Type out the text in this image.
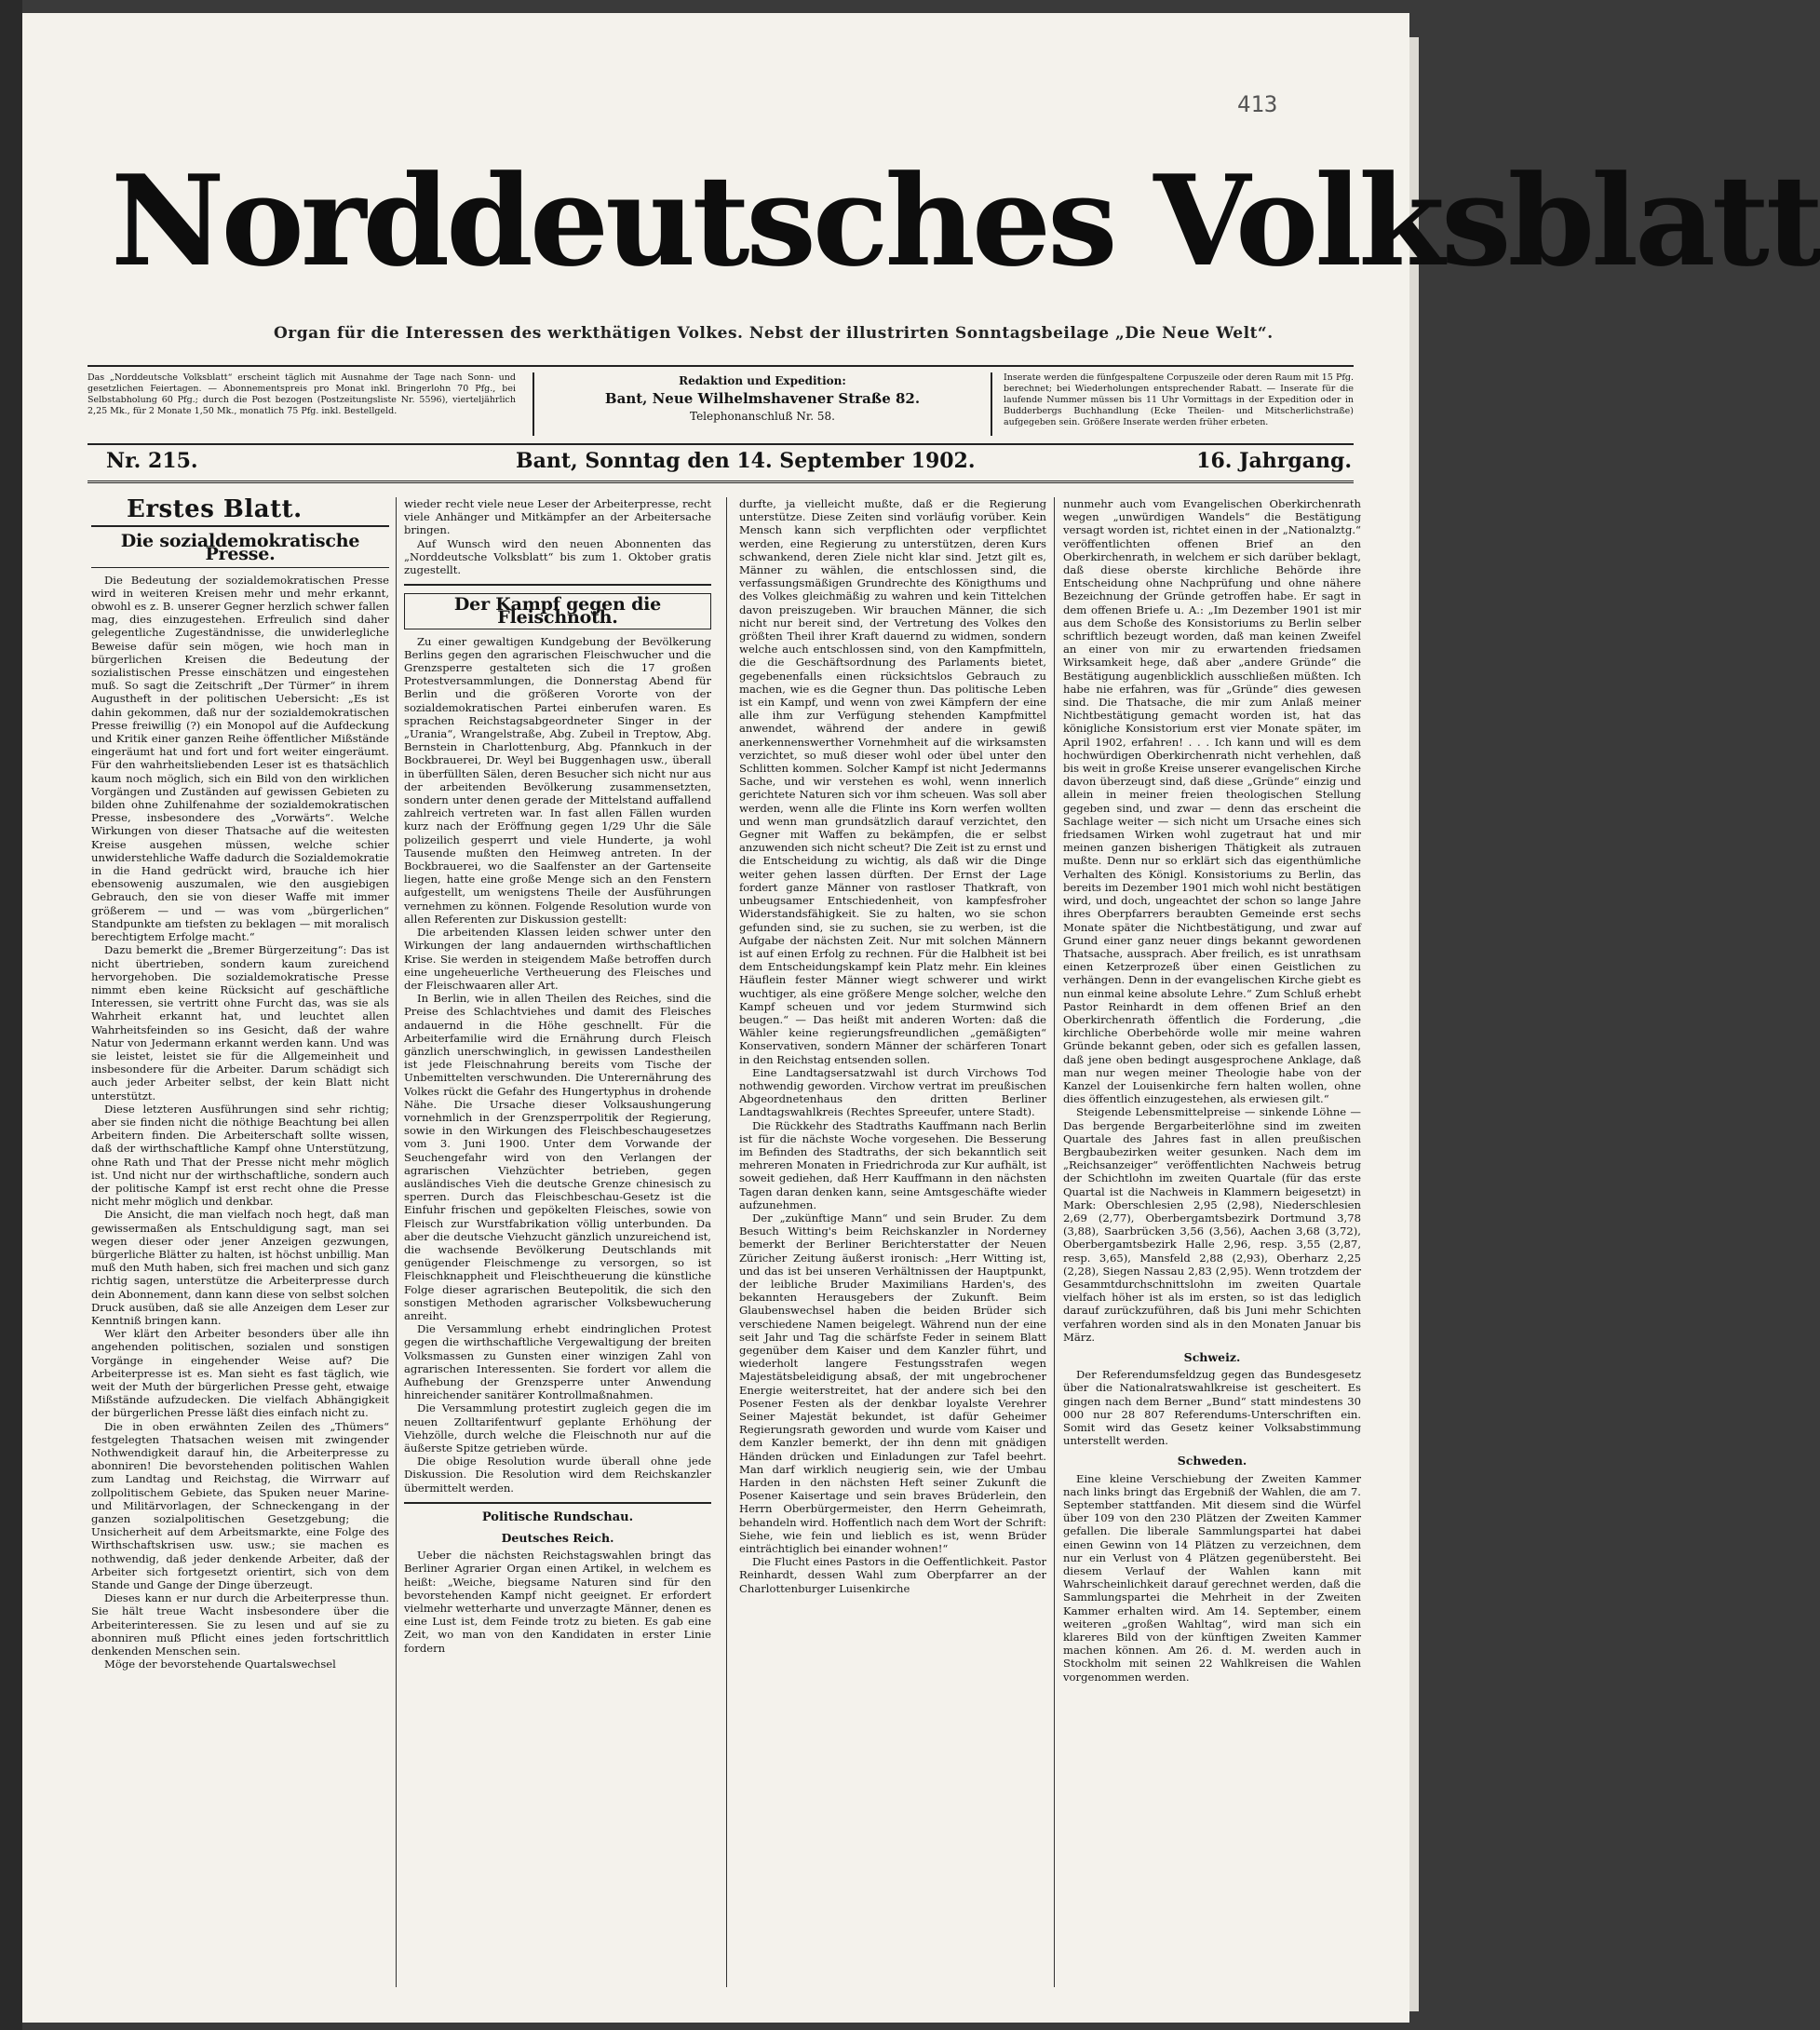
413
Norddeutsches Volksblatt
Organ für die Interessen des werkthätigen Volkes. Nebst der illustrirten Sonntagsbeilage „Die Neue Welt“.
Das „Norddeutsche Volksblatt“ erscheint täglich mit Ausnahme der Tage nach Sonn- und gesetzlichen Feiertagen. — Abonnementspreis pro Monat inkl. Bringerlohn 70 Pfg., bei Selbstabholung 60 Pfg.; durch die Post bezogen (Postzeitungsliste Nr. 5596), vierteljährlich 2,25 Mk., für 2 Monate 1,50 Mk., monatlich 75 Pfg. inkl. Bestellgeld.
Redaktion und Expedition:
Bant, Neue Wilhelmshavener Straße 82.
Telephonanschluß Nr. 58.
Inserate werden die fünfgespaltene Corpuszeile oder deren Raum mit 15 Pfg. berechnet; bei Wiederholungen entsprechender Rabatt. — Inserate für die laufende Nummer müssen bis 11 Uhr Vormittags in der Expedition oder in Budderbergs Buchhandlung (Ecke Theilen- und Mitscherlichstraße) aufgegeben sein. Größere Inserate werden früher erbeten.
Nr. 215.	Bant, Sonntag den 14. September 1902.	16. Jahrgang.
Erstes Blatt.
Die sozialdemokratische Presse.

Die Bedeutung der sozialdemokratischen Presse wird in weiteren Kreisen mehr und mehr erkannt, obwohl es z. B. unserer Gegner herzlich schwer fallen mag, dies einzugestehen. Erfreulich sind daher gelegentliche Zugeständnisse, die unwiderlegliche Beweise dafür sein mögen, wie hoch man in bürgerlichen Kreisen die Bedeutung der sozialistischen Presse einschätzen und eingestehen muß. So sagt die Zeitschrift „Der Türmer“ in ihrem Augustheft in der politischen Uebersicht: „Es ist dahin gekommen, daß nur der sozialdemokratischen Presse freiwillig (?) ein Monopol auf die Aufdeckung und Kritik einer ganzen Reihe öffentlicher Mißstände eingeräumt hat und fort und fort weiter eingeräumt. Für den wahrheitsliebenden Leser ist es thatsächlich kaum noch möglich, sich ein Bild von den wirklichen Vorgängen und Zuständen auf gewissen Gebieten zu bilden ohne Zuhilfenahme der sozialdemokratischen Presse, insbesondere des „Vorwärts“. Welche Wirkungen von dieser Thatsache auf die weitesten Kreise ausgehen müssen, welche schier unwiderstehliche Waffe dadurch die Sozialdemokratie in die Hand gedrückt wird, brauche ich hier ebensowenig auszumalen, wie den ausgiebigen Gebrauch, den sie von dieser Waffe mit immer größerem — und — was vom „bürgerlichen“ Standpunkte am tiefsten zu beklagen — mit moralisch berechtigtem Erfolge macht.“

Dazu bemerkt die „Bremer Bürgerzeitung“: Das ist nicht übertrieben, sondern kaum zureichend hervorgehoben. Die sozialdemokratische Presse nimmt eben keine Rücksicht auf geschäftliche Interessen, sie vertritt ohne Furcht das, was sie als Wahrheit erkannt hat, und leuchtet allen Wahrheitsfeinden so ins Gesicht, daß der wahre Natur von Jedermann erkannt werden kann. Und was sie leistet, leistet sie für die Allgemeinheit und insbesondere für die Arbeiter. Darum schädigt sich auch jeder Arbeiter selbst, der kein Blatt nicht unterstützt.

Diese letzteren Ausführungen sind sehr richtig; aber sie finden nicht die nöthige Beachtung bei allen Arbeitern finden. Die Arbeiterschaft sollte wissen, daß der wirthschaftliche Kampf ohne Unterstützung, ohne Rath und That der Presse nicht mehr möglich ist. Und nicht nur der wirthschaftliche, sondern auch der politische Kampf ist erst recht ohne die Presse nicht mehr möglich und denkbar.

Die Ansicht, die man vielfach noch hegt, daß man gewissermaßen als Entschuldigung sagt, man sei wegen dieser oder jener Anzeigen gezwungen, bürgerliche Blätter zu halten, ist höchst unbillig. Man muß den Muth haben, sich frei machen und sich ganz richtig sagen, unterstütze die Arbeiterpresse durch dein Abonnement, dann kann diese von selbst solchen Druck ausüben, daß sie alle Anzeigen dem Leser zur Kenntniß bringen kann.

Wer klärt den Arbeiter besonders über alle ihn angehenden politischen, sozialen und sonstigen Vorgänge in eingehender Weise auf? Die Arbeiterpresse ist es. Man sieht es fast täglich, wie weit der Muth der bürgerlichen Presse geht, etwaige Mißstände aufzudecken. Die vielfach Abhängigkeit der bürgerlichen Presse läßt dies einfach nicht zu.

Die in oben erwähnten Zeilen des „Thümers“ festgelegten Thatsachen weisen mit zwingender Nothwendigkeit darauf hin, die Arbeiterpresse zu abonniren! Die bevorstehenden politischen Wahlen zum Landtag und Reichstag, die Wirrwarr auf zollpolitischem Gebiete, das Spuken neuer Marine- und Militärvorlagen, der Schneckengang in der ganzen sozialpolitischen Gesetzgebung; die Unsicherheit auf dem Arbeitsmarkte, eine Folge des Wirthschaftskrisen usw. usw.; sie machen es nothwendig, daß jeder denkende Arbeiter, daß der Arbeiter sich fortgesetzt orientirt, sich von dem Stande und Gange der Dinge überzeugt.

Dieses kann er nur durch die Arbeiterpresse thun. Sie hält treue Wacht insbesondere über die Arbeiterinteressen. Sie zu lesen und auf sie zu abonniren muß Pflicht eines jeden fortschrittlich denkenden Menschen sein.

Möge der bevorstehende Quartalswechsel

wieder recht viele neue Leser der Arbeiterpresse, recht viele Anhänger und Mitkämpfer an der Arbeitersache bringen.

Auf Wunsch wird den neuen Abonnenten das „Norddeutsche Volksblatt“ bis zum 1. Oktober gratis zugestellt.

Der Kampf gegen die Fleischnoth.

Zu einer gewaltigen Kundgebung der Bevölkerung Berlins gegen den agrarischen Fleischwucher und die Grenzsperre gestalteten sich die 17 großen Protestversammlungen, die Donnerstag Abend für Berlin und die größeren Vororte von der sozialdemokratischen Partei einberufen waren. Es sprachen Reichstagsabgeordneter Singer in der „Urania“, Wrangelstraße, Abg. Zubeil in Treptow, Abg. Bernstein in Charlottenburg, Abg. Pfannkuch in der Bockbrauerei, Dr. Weyl bei Buggenhagen usw., überall in überfüllten Sälen, deren Besucher sich nicht nur aus der arbeitenden Bevölkerung zusammensetzten, sondern unter denen gerade der Mittelstand auffallend zahlreich vertreten war. In fast allen Fällen wurden kurz nach der Eröffnung gegen 1/29 Uhr die Säle polizeilich gesperrt und viele Hunderte, ja wohl Tausende mußten den Heimweg antreten. In der Bockbrauerei, wo die Saalfenster an der Gartenseite liegen, hatte eine große Menge sich an den Fenstern aufgestellt, um wenigstens Theile der Ausführungen vernehmen zu können. Folgende Resolution wurde von allen Referenten zur Diskussion gestellt:

Die arbeitenden Klassen leiden schwer unter den Wirkungen der lang andauernden wirthschaftlichen Krise. Sie werden in steigendem Maße betroffen durch eine ungeheuerliche Vertheuerung des Fleisches und der Fleischwaaren aller Art.

In Berlin, wie in allen Theilen des Reiches, sind die Preise des Schlachtviehes und damit des Fleisches andauernd in die Höhe geschnellt. Für die Arbeiterfamilie wird die Ernährung durch Fleisch gänzlich unerschwinglich, in gewissen Landestheilen ist jede Fleischnahrung bereits vom Tische der Unbemittelten verschwunden. Die Unterernährung des Volkes rückt die Gefahr des Hungertyphus in drohende Nähe. Die Ursache dieser Volksaushungerung vornehmlich in der Grenzsperrpolitik der Regierung, sowie in den Wirkungen des Fleischbeschaugesetzes vom 3. Juni 1900. Unter dem Vorwande der Seuchengefahr wird von den Verlangen der agrarischen Viehzüchter betrieben, gegen ausländisches Vieh die deutsche Grenze chinesisch zu sperren. Durch das Fleischbeschau-Gesetz ist die Einfuhr frischen und gepökelten Fleisches, sowie von Fleisch zur Wurstfabrikation völlig unterbunden. Da aber die deutsche Viehzucht gänzlich unzureichend ist, die wachsende Bevölkerung Deutschlands mit genügender Fleischmenge zu versorgen, so ist Fleischknappheit und Fleischtheuerung die künstliche Folge dieser agrarischen Beutepolitik, die sich den sonstigen Methoden agrarischer Volksbewucherung anreiht.

Die Versammlung erhebt eindringlichen Protest gegen die wirthschaftliche Vergewaltigung der breiten Volksmassen zu Gunsten einer winzigen Zahl von agrarischen Interessenten. Sie fordert vor allem die Aufhebung der Grenzsperre unter Anwendung hinreichender sanitärer Kontrollmaßnahmen.

Die Versammlung protestirt zugleich gegen die im neuen Zolltarifentwurf geplante Erhöhung der Viehzölle, durch welche die Fleischnoth nur auf die äußerste Spitze getrieben würde.

Die obige Resolution wurde überall ohne jede Diskussion. Die Resolution wird dem Reichskanzler übermittelt werden.

Politische Rundschau.
Deutsches Reich.

Ueber die nächsten Reichstagswahlen bringt das Berliner Agrarier Organ einen Artikel, in welchem es heißt: „Weiche, biegsame Naturen sind für den bevorstehenden Kampf nicht geeignet. Er erfordert vielmehr wetterharte und unverzagte Männer, denen es eine Lust ist, dem Feinde trotz zu bieten. Es gab eine Zeit, wo man von den Kandidaten in erster Linie fordern

durfte, ja vielleicht mußte, daß er die Regierung unterstütze. Diese Zeiten sind vorläufig vorüber. Kein Mensch kann sich verpflichten oder verpflichtet werden, eine Regierung zu unterstützen, deren Kurs schwankend, deren Ziele nicht klar sind. Jetzt gilt es, Männer zu wählen, die entschlossen sind, die verfassungsmäßigen Grundrechte des Königthums und des Volkes gleichmäßig zu wahren und kein Tittelchen davon preiszugeben. Wir brauchen Männer, die sich nicht nur bereit sind, der Vertretung des Volkes den größten Theil ihrer Kraft dauernd zu widmen, sondern welche auch entschlossen sind, von den Kampfmitteln, die die Geschäftsordnung des Parlaments bietet, gegebenenfalls einen rücksichtslos Gebrauch zu machen, wie es die Gegner thun. Das politische Leben ist ein Kampf, und wenn von zwei Kämpfern der eine alle ihm zur Verfügung stehenden Kampfmittel anwendet, während der andere in gewiß anerkennenswerther Vornehmheit auf die wirksamsten verzichtet, so muß dieser wohl oder übel unter den Schlitten kommen. Solcher Kampf ist nicht Jedermanns Sache, und wir verstehen es wohl, wenn innerlich gerichtete Naturen sich vor ihm scheuen. Was soll aber werden, wenn alle die Flinte ins Korn werfen wollten und wenn man grundsätzlich darauf verzichtet, den Gegner mit Waffen zu bekämpfen, die er selbst anzuwenden sich nicht scheut? Die Zeit ist zu ernst und die Entscheidung zu wichtig, als daß wir die Dinge weiter gehen lassen dürften. Der Ernst der Lage fordert ganze Männer von rastloser Thatkraft, von unbeugsamer Entschiedenheit, von kampfesfroher Widerstandsfähigkeit. Sie zu halten, wo sie schon gefunden sind, sie zu suchen, sie zu werben, ist die Aufgabe der nächsten Zeit. Nur mit solchen Männern ist auf einen Erfolg zu rechnen. Für die Halbheit ist bei dem Entscheidungskampf kein Platz mehr. Ein kleines Häuflein fester Männer wiegt schwerer und wirkt wuchtiger, als eine größere Menge solcher, welche den Kampf scheuen und vor jedem Sturmwind sich beugen.“ — Das heißt mit anderen Worten: daß die Wähler keine regierungsfreundlichen „gemäßigten“ Konservativen, sondern Männer der schärferen Tonart in den Reichstag entsenden sollen.

Eine Landtagsersatzwahl ist durch Virchows Tod nothwendig geworden. Virchow vertrat im preußischen Abgeordnetenhaus den dritten Berliner Landtagswahlkreis (Rechtes Spreeufer, untere Stadt).

Die Rückkehr des Stadtraths Kauffmann nach Berlin ist für die nächste Woche vorgesehen. Die Besserung im Befinden des Stadtraths, der sich bekanntlich seit mehreren Monaten in Friedrichroda zur Kur aufhält, ist soweit gediehen, daß Herr Kauffmann in den nächsten Tagen daran denken kann, seine Amtsgeschäfte wieder aufzunehmen.

Der „zukünftige Mann“ und sein Bruder. Zu dem Besuch Witting's beim Reichskanzler in Norderney bemerkt der Berliner Berichterstatter der Neuen Züricher Zeitung äußerst ironisch: „Herr Witting ist, und das ist bei unseren Verhältnissen der Hauptpunkt, der leibliche Bruder Maximilians Harden's, des bekannten Herausgebers der Zukunft. Beim Glaubenswechsel haben die beiden Brüder sich verschiedene Namen beigelegt. Während nun der eine seit Jahr und Tag die schärfste Feder in seinem Blatt gegenüber dem Kaiser und dem Kanzler führt, und wiederholt langere Festungsstrafen wegen Majestätsbeleidigung absaß, der mit ungebrochener Energie weiterstreitet, hat der andere sich bei den Posener Festen als der denkbar loyalste Verehrer Seiner Majestät bekundet, ist dafür Geheimer Regierungsrath geworden und wurde vom Kaiser und dem Kanzler bemerkt, der ihn denn mit gnädigen Händen drücken und Einladungen zur Tafel beehrt. Man darf wirklich neugierig sein, wie der Umbau Harden in den nächsten Heft seiner Zukunft die Posener Kaisertage und sein braves Brüderlein, den Herrn Oberbürgermeister, den Herrn Geheimrath, behandeln wird. Hoffentlich nach dem Wort der Schrift: Siehe, wie fein und lieblich es ist, wenn Brüder einträchtiglich bei einander wohnen!“

Die Flucht eines Pastors in die Oeffentlichkeit. Pastor Reinhardt, dessen Wahl zum Oberpfarrer an der Charlottenburger Luisenkirche

nunmehr auch vom Evangelischen Oberkirchenrath wegen „unwürdigen Wandels“ die Bestätigung versagt worden ist, richtet einen in der „Nationalztg.“ veröffentlichten offenen Brief an den Oberkirchenrath, in welchem er sich darüber beklagt, daß diese oberste kirchliche Behörde ihre Entscheidung ohne Nachprüfung und ohne nähere Bezeichnung der Gründe getroffen habe. Er sagt in dem offenen Briefe u. A.: „Im Dezember 1901 ist mir aus dem Schoße des Konsistoriums zu Berlin selber schriftlich bezeugt worden, daß man keinen Zweifel an einer von mir zu erwartenden friedsamen Wirksamkeit hege, daß aber „andere Gründe“ die Bestätigung augenblicklich ausschließen müßten. Ich habe nie erfahren, was für „Gründe“ dies gewesen sind. Die Thatsache, die mir zum Anlaß meiner Nichtbestätigung gemacht worden ist, hat das königliche Konsistorium erst vier Monate später, im April 1902, erfahren! . . . Ich kann und will es dem hochwürdigen Oberkirchenrath nicht verhehlen, daß bis weit in große Kreise unserer evangelischen Kirche davon überzeugt sind, daß diese „Gründe“ einzig und allein in meiner freien theologischen Stellung gegeben sind, und zwar — denn das erscheint die Sachlage weiter — sich nicht um Ursache eines sich friedsamen Wirken wohl zugetraut hat und mir meinen ganzen bisherigen Thätigkeit als zutrauen mußte. Denn nur so erklärt sich das eigenthümliche Verhalten des Königl. Konsistoriums zu Berlin, das bereits im Dezember 1901 mich wohl nicht bestätigen wird, und doch, ungeachtet der schon so lange Jahre ihres Oberpfarrers beraubten Gemeinde erst sechs Monate später die Nichtbestätigung, und zwar auf Grund einer ganz neuer dings bekannt gewordenen Thatsache, aussprach. Aber freilich, es ist unrathsam einen Ketzerprozeß über einen Geistlichen zu verhängen. Denn in der evangelischen Kirche giebt es nun einmal keine absolute Lehre.“ Zum Schluß erhebt Pastor Reinhardt in dem offenen Brief an den Oberkirchenrath öffentlich die Forderung, „die kirchliche Oberbehörde wolle mir meine wahren Gründe bekannt geben, oder sich es gefallen lassen, daß jene oben bedingt ausgesprochene Anklage, daß man nur wegen meiner Theologie habe von der Kanzel der Louisenkirche fern halten wollen, ohne dies öffentlich einzugestehen, als erwiesen gilt.“

Steigende Lebensmittelpreise — sinkende Löhne — Das bergende Bergarbeiterlöhne sind im zweiten Quartale des Jahres fast in allen preußischen Bergbaubezirken weiter gesunken. Nach dem im „Reichsanzeiger“ veröffentlichten Nachweis betrug der Schichtlohn im zweiten Quartale (für das erste Quartal ist die Nachweis in Klammern beigesetzt) in Mark: Oberschlesien 2,95 (2,98), Niederschlesien 2,69 (2,77), Oberbergamtsbezirk Dortmund 3,78 (3,88), Saarbrücken 3,56 (3,56), Aachen 3,68 (3,72), Oberbergamtsbezirk Halle 2,96, resp. 3,55 (2,87, resp. 3,65), Mansfeld 2,88 (2,93), Oberharz 2,25 (2,28), Siegen Nassau 2,83 (2,95). Wenn trotzdem der Gesammtdurchschnittslohn im zweiten Quartale vielfach höher ist als im ersten, so ist das lediglich darauf zurückzuführen, daß bis Juni mehr Schichten verfahren worden sind als in den Monaten Januar bis März.

Schweiz.

Der Referendumsfeldzug gegen das Bundesgesetz über die Nationalratswahlkreise ist gescheitert. Es gingen nach dem Berner „Bund“ statt mindestens 30 000 nur 28 807 Referendums-Unterschriften ein. Somit wird das Gesetz keiner Volksabstimmung unterstellt werden.

Schweden.

Eine kleine Verschiebung der Zweiten Kammer nach links bringt das Ergebniß der Wahlen, die am 7. September stattfanden. Mit diesem sind die Würfel über 109 von den 230 Plätzen der Zweiten Kammer gefallen. Die liberale Sammlungspartei hat dabei einen Gewinn von 14 Plätzen zu verzeichnen, dem nur ein Verlust von 4 Plätzen gegenübersteht. Bei diesem Verlauf der Wahlen kann mit Wahrscheinlichkeit darauf gerechnet werden, daß die Sammlungspartei die Mehrheit in der Zweiten Kammer erhalten wird. Am 14. September, einem weiteren „großen Wahltag“, wird man sich ein klareres Bild von der künftigen Zweiten Kammer machen können. Am 26. d. M. werden auch in Stockholm mit seinen 22 Wahlkreisen die Wahlen vorgenommen werden.
